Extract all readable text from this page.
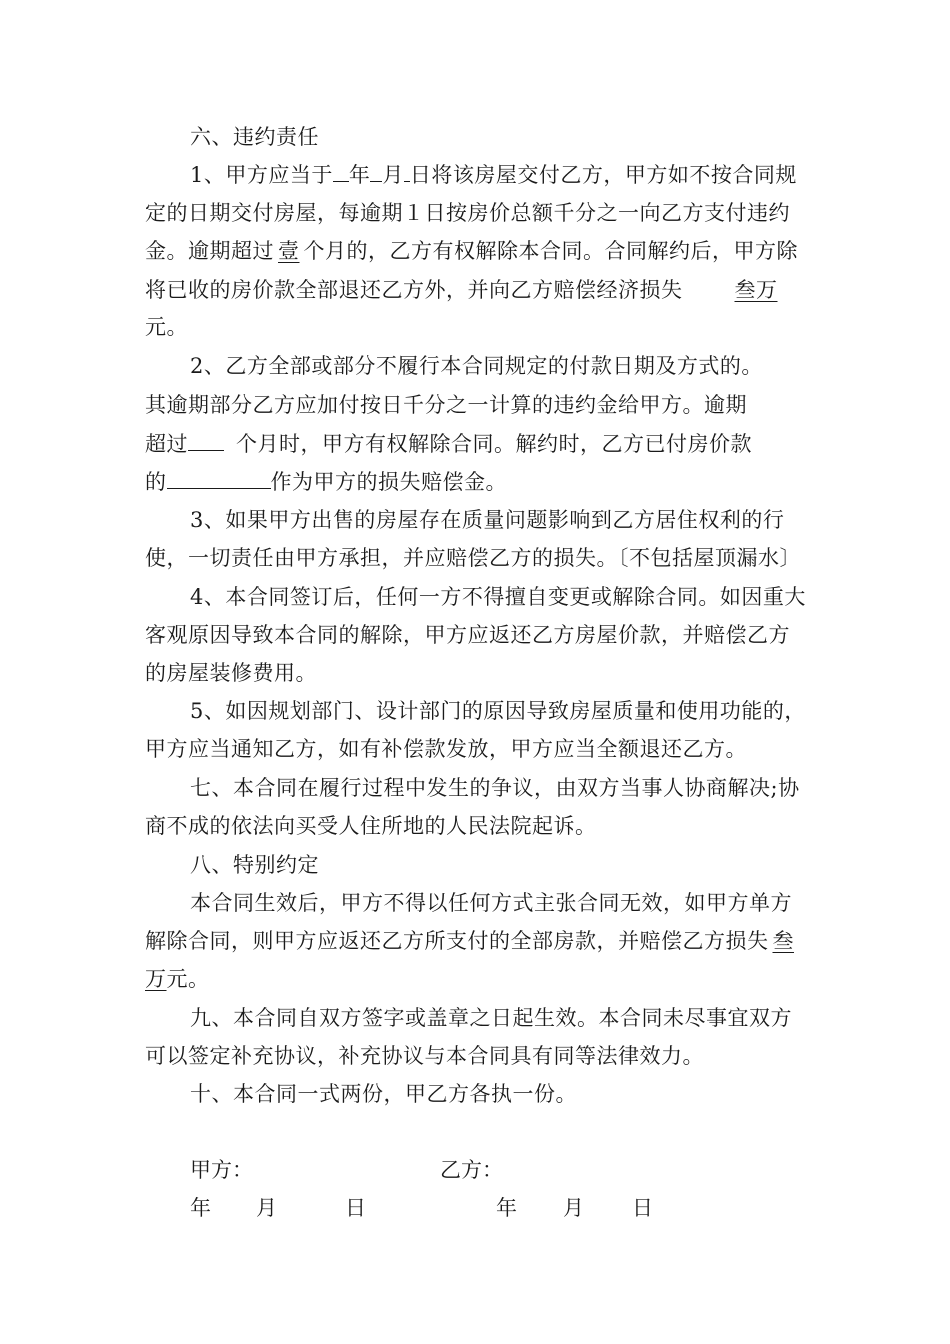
六、违约责任
1、甲方应当于 年 月 日将该房屋交付乙方，甲方如不按合同规
定的日期交付房屋，每逾期１日按房价总额千分之一向乙方支付违约
金。逾期超过 壹 个月的，乙方有权解除本合同。合同解约后，甲方除
将已收的房价款全部退还乙方外，并向乙方赔偿经济损失 叁万
元。
2、乙方全部或部分不履行本合同规定的付款日期及方式的。
其逾期部分乙方应加付按日千分之一计算的违约金给甲方。逾期
超过 个月时，甲方有权解除合同。解约时，乙方已付房价款
的	作为甲方的损失赔偿金。
3、如果甲方出售的房屋存在质量问题影响到乙方居住权利的行
使，一切责任由甲方承担，并应赔偿乙方的损失。〔不包括屋顶漏水〕
4、本合同签订后，任何一方不得擅自变更或解除合同。如因重大
客观原因导致本合同的解除，甲方应返还乙方房屋价款，并赔偿乙方
的房屋装修费用。
5、如因规划部门、设计部门的原因导致房屋质量和使用功能的，
甲方应当通知乙方，如有补偿款发放，甲方应当全额退还乙方。
七、本合同在履行过程中发生的争议，由双方当事人协商解决;协
商不成的依法向买受人住所地的人民法院起诉。
八、特别约定
本合同生效后，甲方不得以任何方式主张合同无效，如甲方单方
解除合同，则甲方应返还乙方所支付的全部房款，并赔偿乙方损失 叁
万元。
九、本合同自双方签字或盖章之日起生效。本合同未尽事宜双方
可以签定补充协议，补充协议与本合同具有同等法律效力。
十、本合同一式两份，甲乙方各执一份。
甲方：	乙方：
年 月	日	年 月 日
